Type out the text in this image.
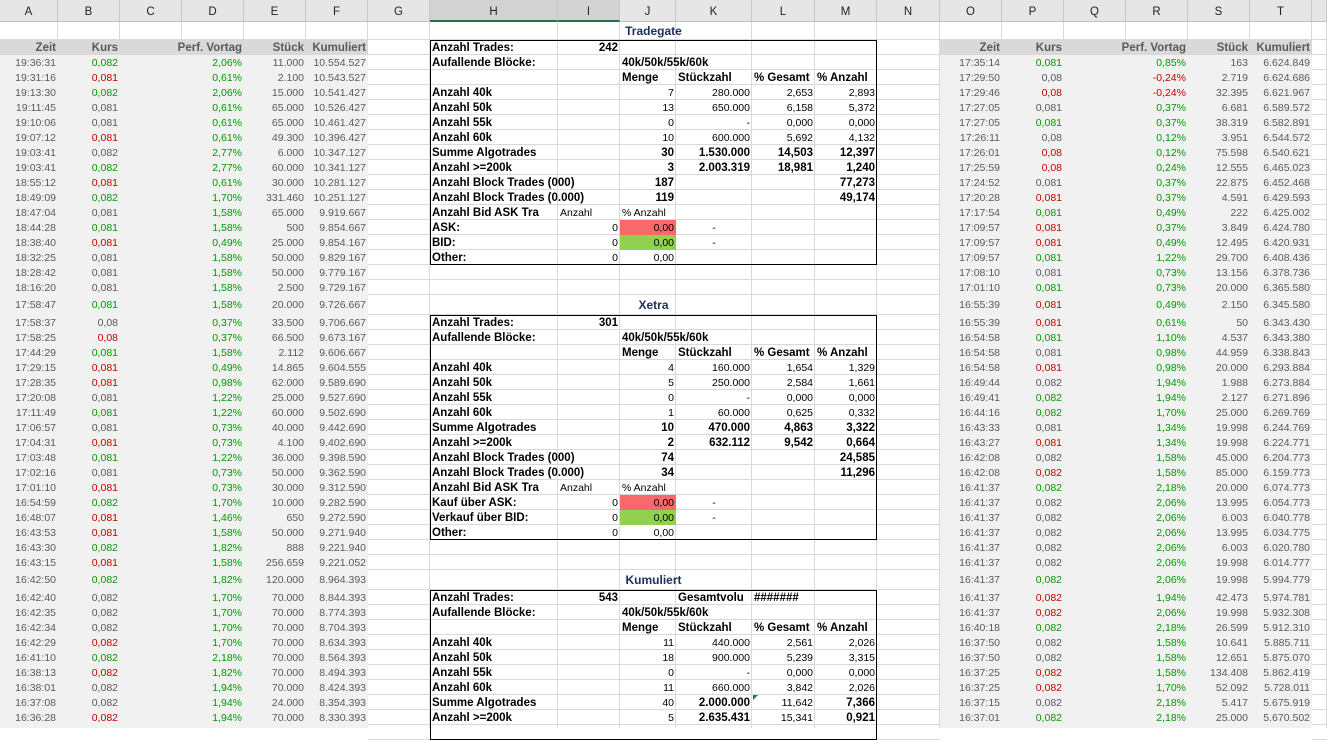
A	B	C	D	E	F	G	H	I	J	K	L	M	N	O	P	Q	R	S	T
Zeit	Kurs	Perf. Vortag	Stück Kumuliert
19:36:31	0,082	2,06%	11.000 10.554.527
19:31:16	0,081	0,61%	2.100 10.543.527
19:13:30	0,082	2,06%	15.000 10.541.427
19:11:45	0,081	0,61%	65.000 10.526.427
19:10:06	0,081	0,61%	65.000 10.461.427
19:07:12	0,081	0,61%	49.300 10.396.427
19:03:41	0,082	2,77%	6.000 10.347.127
19:03:41	0,082	2,77%	60.000 10.341.127
18:55:12	0,081	0,61%	30.000 10.281.127
18:49:09	0,082	1,70%	331.460 10.251.127
18:47:04	0,081	1,58%	65.000	9.919.667
18:44:28	0,081	1,58%	500	9.854.667
18:38:40	0,081	0,49%	25.000	9.854.167
18:32:25	0,081	1,58%	50.000	9.829.167
18:28:42	0,081	1,58%	50.000	9.779.167
18:16:20	0,081	1,58%	2.500	9.729.167
17:58:47	0,081	1,58%	20.000	9.726.667
17:58:37	0,08	0,37%	33.500	9.706.667
17:58:25	0,08	0,37%	66.500	9.673.167
17:44:29	0,081	1,58%	2.112	9.606.667
17:29:15	0,081	0,49%	14.865	9.604.555
17:28:35	0,081	0,98%	62.000	9.589.690
17:20:08	0,081	1,22%	25.000	9.527.690
17:11:49	0,081	1,22%	60.000	9.502.690
17:06:57	0,081	0,73%	40.000	9.442.690
17:04:31	0,081	0,73%	4.100	9.402.690
17:03:48	0,081	1,22%	36.000	9.398.590
17:02:16	0,081	0,73%	50.000	9.362.590
17:01:10	0,081	0,73%	30.000	9.312.590
16:54:59	0,082	1,70%	10.000	9.282.590
16:48:07	0,081	1,46%	650	9.272.590
16:43:53	0,081	1,58%	50.000	9.271.940
16:43:30	0,082	1,82%	888	9.221.940
16:43:15	0,081	1,58%	256.659	9.221.052
16:42:50	0,082	1,82%	120.000	8.964.393
16:42:40	0,082	1,70%	70.000	8.844.393
16:42:35	0,082	1,70%	70.000	8.774.393
16:42:34	0,082	1,70%	70.000	8.704.393
16:42:29	0,082	1,70%	70.000	8.634.393
16:41:10	0,082	2,18%	70.000	8.564.393
16:38:13	0,082	1,82%	70.000	8.494.393
16:38:01	0,082	1,94%	70.000	8.424.393
16:37:08	0,082	1,94%	24.000	8.354.393
16:36:28	0,082	1,94%	70.000	8.330.393
Zeit	Kurs	Perf. Vortag	Stück Kumuliert
17:35:14	0,081	0,85%	163	6.624.849
17:29:50	0,08	-0,24%	2.719	6.624.686
17:29:46	0,08	-0,24%	32.395	6.621.967
17:27:05	0,081	0,37%	6.681	6.589.572
17:27:05	0,081	0,37%	38.319	6.582.891
17:26:11	0,08	0,12%	3.951	6.544.572
17:26:01	0,08	0,12%	75.598	6.540.621
17:25:59	0,08	0,24%	12.555	6.465.023
17:24:52	0,081	0,37%	22.875	6.452.468
17:20:28	0,081	0,37%	4.591	6.429.593
17:17:54	0,081	0,49%	222	6.425.002
17:09:57	0,081	0,37%	3.849	6.424.780
17:09:57	0,081	0,49%	12.495	6.420.931
17:09:57	0,081	1,22%	29.700	6.408.436
17:08:10	0,081	0,73%	13.156	6.378.736
17:01:10	0,081	0,73%	20.000	6.365.580
16:55:39	0,081	0,49%	2.150	6.345.580
16:55:39	0,081	0,61%	50	6.343.430
16:54:58	0,081	1,10%	4.537	6.343.380
16:54:58	0,081	0,98%	44.959	6.338.843
16:54:58	0,081	0,98%	20.000	6.293.884
16:49:44	0,082	1,94%	1.988	6.273.884
16:49:41	0,082	1,94%	2.127	6.271.896
16:44:16	0,082	1,70%	25.000	6.269.769
16:43:33	0,081	1,34%	19.998	6.244.769
16:43:27	0,081	1,34%	19.998	6.224.771
16:42:08	0,082	1,58%	45.000	6.204.773
16:42:08	0,082	1,58%	85.000	6.159.773
16:41:37	0,082	2,18%	20.000	6.074.773
16:41:37	0,082	2,06%	13.995	6.054.773
16:41:37	0,082	2,06%	6.003	6.040.778
16:41:37	0,082	2,06%	13.995	6.034.775
16:41:37	0,082	2,06%	6.003	6.020.780
16:41:37	0,082	2,06%	19.998	6.014.777
16:41:37	0,082	2,06%	19.998	5.994.779
16:41:37	0,082	1,94%	42.473	5.974.781
16:41:37	0,082	2,06%	19.998	5.932.308
16:40:18	0,082	2,18%	26.599	5.912.310
16:37:50	0,082	1,58%	10.641	5.885.711
16:37:50	0,082	1,58%	12.651	5.875.070
16:37:25	0,082	1,58%	134.408	5.862.419
16:37:25	0,082	1,70%	52.092	5.728.011
16:37:15	0,082	2,18%	5.417	5.675.919
16:37:01	0,082	2,18%	25.000	5.670.502
Tradegate
Anzahl Trades:	242
Aufallende Blöcke:	40k/50k/55k/60k
Menge	Stückzahl	% Gesamt % Anzahl
Anzahl 40k	7	280.000	2,653	2,893
Anzahl 50k	13	650.000	6,158	5,372
Anzahl 55k	0	-	0,000	0,000
Anzahl 60k	10	600.000	5,692	4,132
Summe Algotrades	30	1.530.000	14,503	12,397
Anzahl >=200k	3	2.003.319	18,981	1,240
Anzahl Block Trades (000)	187	77,273
Anzahl Block Trades (0.000)	119	49,174
Anzahl Bid ASK Tra	Anzahl	% Anzahl
ASK:	0	0,00	-
BID:	0	0,00	-
Other:	0	0,00
Xetra
Anzahl Trades:	301
Aufallende Blöcke:	40k/50k/55k/60k
Menge	Stückzahl	% Gesamt % Anzahl
Anzahl 40k	4	160.000	1,654	1,329
Anzahl 50k	5	250.000	2,584	1,661
Anzahl 55k	0	-	0,000	0,000
Anzahl 60k	1	60.000	0,625	0,332
Summe Algotrades	10	470.000	4,863	3,322
Anzahl >=200k	2	632.112	9,542	0,664
Anzahl Block Trades (000)	74	24,585
Anzahl Block Trades (0.000)	34	11,296
Anzahl Bid ASK Tra	Anzahl	% Anzahl
Kauf über ASK:	0	0,00	-
Verkauf über BID:	0	0,00	-
Other:	0	0,00
Kumuliert
Anzahl Trades:	543	Gesamtvolu #######
Aufallende Blöcke:	40k/50k/55k/60k
Menge	Stückzahl	% Gesamt % Anzahl
Anzahl 40k	11	440.000	2,561	2,026
Anzahl 50k	18	900.000	5,239	3,315
Anzahl 55k	0	-	0,000	0,000
Anzahl 60k	11	660.000	3,842	2,026
Summe Algotrades	40	2.000.000	11,642	7,366
Anzahl >=200k	5	2.635.431	15,341	0,921
